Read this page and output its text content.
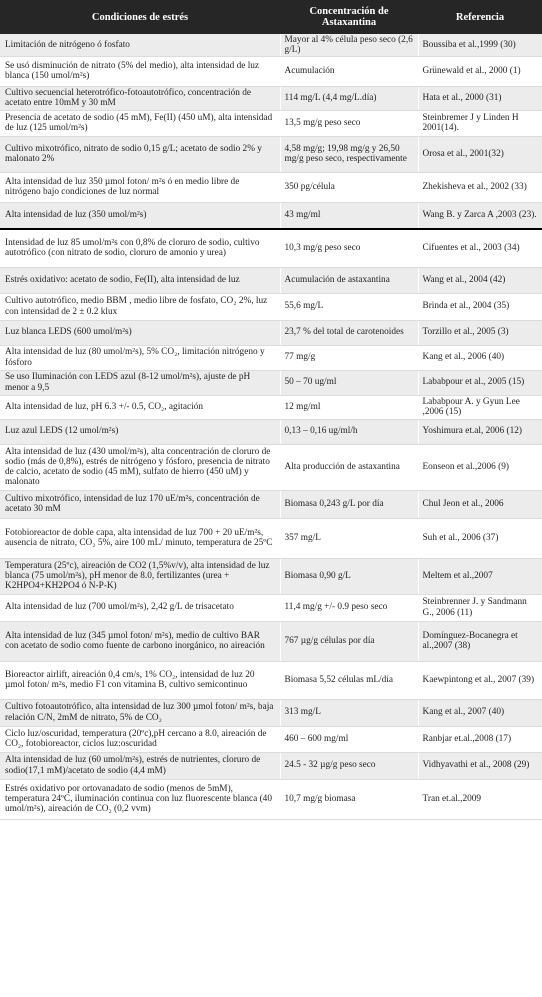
Condiciones de estrés	Concentración de Astaxantina	Referencia
Limitación de nitrógeno ó fosfato	Mayor al 4% célula peso seco (2,6 g/L)	Boussiba et al.,1999 (30)
Se usó disminución de nitrato (5% del medio), alta intensidad de luz blanca (150 umol/m²s)	Acumulación	Grünewald et al., 2000 (1)
Cultivo secuencial heterotrófico-fotoautotrófico, concentración de acetato entre 10mM y 30 mM	114 mg/L (4,4 mg/L.día)	Hata et al., 2000 (31)
Presencia de acetato de sodio (45 mM), Fe(II) (450 uM), alta intensidad de luz (125 umol/m²s)	13,5 mg/g peso seco	Steinbremer J y Linden H 2001(14).
Cultivo mixotrófico, nitrato de sodio 0,15 g/L; acetato de sodio 2% y malonato 2%	4,58 mg/g; 19,98 mg/g y 26,50 mg/g peso seco, respectivamente	Orosa et al., 2001(32)
Alta intensidad de luz 350 µmol foton/ m²s ó en medio libre de nitrógeno bajo condiciones de luz normal	350 pg/célula	Zhekisheva et al., 2002 (33)
Alta intensidad de luz (350 umol/m²s)	43 mg/ml	Wang B. y Zarca A ,2003 (23).
Intensidad de luz 85 umol/m²s con 0,8% de cloruro de sodio, cultivo autotrófico (con nitrato de sodio, cloruro de amonio y urea)	10,3 mg/g peso seco	Cifuentes et al., 2003 (34)
Estrés oxidativo: acetato de sodio, Fe(II), alta intensidad de luz	Acumulación de astaxantina	Wang et al., 2004 (42)
Cultivo autotrófico, medio BBM , medio libre de fosfato, CO₂ 2%, luz con intensidad de 2 ± 0.2 klux	55,6 mg/L	Brinda et al., 2004 (35)
Luz blanca LEDS (600 umol/m²s)	23,7 % del total de carotenoides	Torzillo et al., 2005 (3)
Alta intensidad de luz (80 umol/m²s), 5% CO₂, limitación nitrógeno y fósforo	77 mg/g	Kang et al., 2006 (40)
Se uso Iluminación con LEDS azul (8-12 umol/m²s), ajuste de pH menor a 9,5	50 – 70 ug/ml	Lababpour et al., 2005 (15)
Alta intensidad de luz, pH 6.3 +/- 0.5, CO₂, agitación	12 mg/ml	Lababpour A. y Gyun Lee ,2006 (15)
Luz azul LEDS (12 umol/m²s)	0,13 – 0,16 ug/ml/h	Yoshimura et.al, 2006 (12)
Alta intensidad de luz (430 umol/m²s), alta concentración de cloruro de sodio (más de 0,8%), estrés de nitrógeno y fósforo, presencia de nitrato de calcio, acetato de sodio (45 mM), sulfato de hierro (450 uM) y malonato	Alta producción de astaxantina	Eonseon et al.,2006 (9)
Cultivo mixotrófico, intensidad de luz 170 uE/m²s, concentración de acetato 30 mM	Biomasa 0,243 g/L por día	Chul Jeon et al., 2006
Fotobioreactor de doble capa, alta intensidad de luz 700 + 20 uE/m²s, ausencia de nitrato, CO₂ 5%, aire 100 mL/ minuto, temperatura de 25ºC	357 mg/L	Suh et al., 2006 (37)
Temperatura (25ºc), aireación de CO2 (1,5%v/v), alta intensidad de luz blanca (75 umol/m²s), pH menor de 8.0, fertilizantes (urea + K2HPO4+KH2PO4 ó N-P-K)	Biomasa 0,90 g/L	Meltem et al.,2007
Alta intensidad de luz (700 umol/m²s), 2,42 g/L de trisacetato	11,4 mg/g +/- 0.9 peso seco	Steinbrenner J. y Sandmann G., 2006 (11)
Alta intensidad de luz (345 µmol foton/ m²s), medio de cultivo BAR con acetato de sodio como fuente de carbono inorgánico, no aireación	767 µg/g células por día	Domínguez-Bocanegra et al.,2007 (38)
Bioreactor airlift, aireación 0,4 cm/s, 1% CO₂, intensidad de luz 20 µmol foton/ m²s, medio F1 con vitamina B, cultivo semicontinuo	Biomasa 5,52 células mL/día	Kaewpintong et al., 2007 (39)
Cultivo fotoautotrófico, alta intensidad de luz 300 µmol foton/ m²s, baja relación C/N, 2mM de nitrato, 5% de CO₂	313 mg/L	Kang et al., 2007 (40)
Ciclo luz/oscuridad, temperatura (20ºc),pH cercano a 8.0, aireación de CO₂, fotobioreactor, ciclos luz:oscuridad	460 – 600 mg/ml	Ranbjar et.al.,2008 (17)
Alta intensidad de luz (60 umol/m²s), estrés de nutrientes, cloruro de sodio(17,1 mM)/acetato de sodio (4,4 mM)	24.5 - 32 µg/g peso seco	Vidhyavathi et al., 2008 (29)
Estrés oxidativo por ortovanadato de sodio (menos de 5mM), temperatura 24ºC, iluminación continua con luz fluorescente blanca (40 umol/m²s), aireación de CO₂ (0,2 vvm)	10,7 mg/g biomasa	Tran et.al.,2009
